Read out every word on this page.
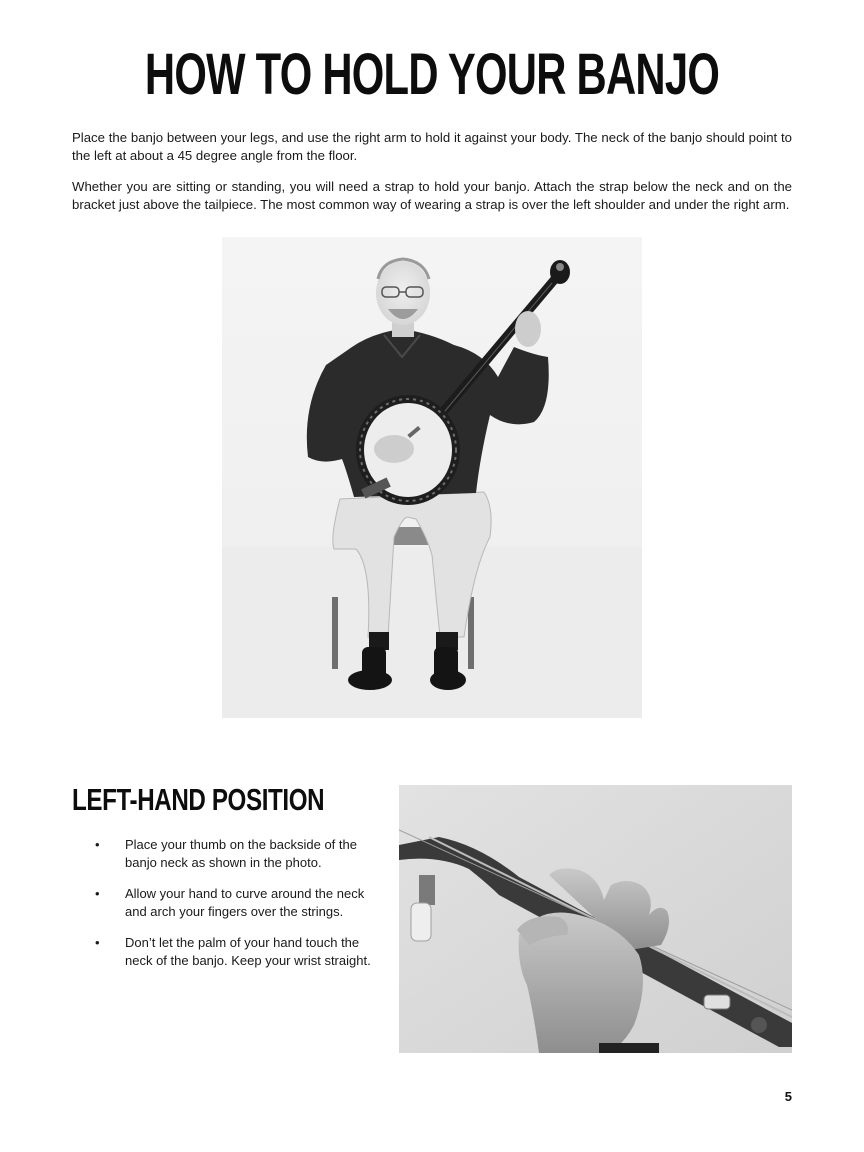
HOW TO HOLD YOUR BANJO

Place the banjo between your legs, and use the right arm to hold it against your body. The neck of the banjo should point to the left at about a 45 degree angle from the floor.

Whether you are sitting or standing, you will need a strap to hold your banjo. Attach the strap below the neck and on the bracket just above the tailpiece. The most common way of wearing a strap is over the left shoulder and under the right arm.

LEFT-HAND POSITION
• Place your thumb on the backside of the banjo neck as shown in the photo.
• Allow your hand to curve around the neck and arch your fingers over the strings.
• Don’t let the palm of your hand touch the neck of the banjo. Keep your wrist straight.
5
